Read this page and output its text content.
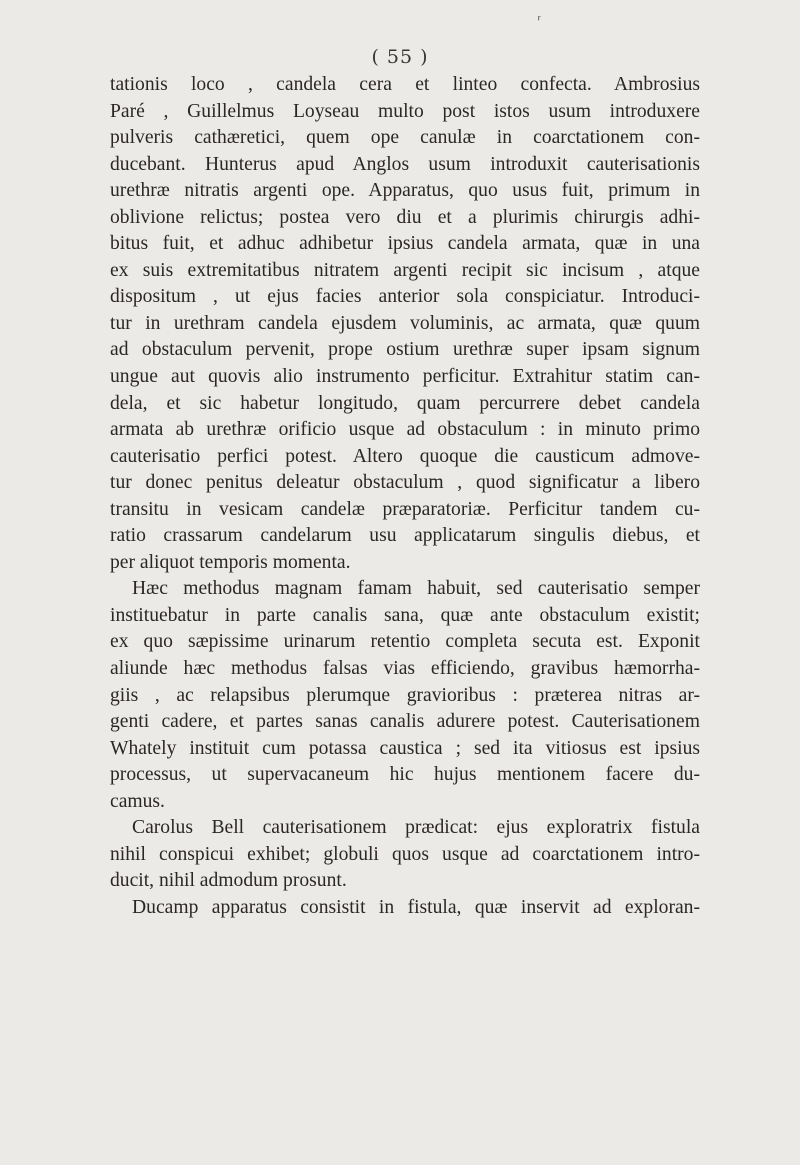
⸢
( 55 )
tationis loco , candela cera et linteo confecta. Ambrosius
Paré , Guillelmus Loyseau multo post istos usum introduxere
pulveris cathæretici, quem ope canulæ in coarctationem con-
ducebant. Hunterus apud Anglos usum introduxit cauterisationis
urethræ nitratis argenti ope. Apparatus, quo usus fuit, primum in
oblivione relictus; postea vero diu et a plurimis chirurgis adhi-
bitus fuit, et adhuc adhibetur ipsius candela armata, quæ in una
ex suis extremitatibus nitratem argenti recipit sic incisum , atque
dispositum , ut ejus facies anterior sola conspiciatur. Introduci-
tur in urethram candela ejusdem voluminis, ac armata, quæ quum
ad obstaculum pervenit, prope ostium urethræ super ipsam signum
ungue aut quovis alio instrumento perficitur. Extrahitur statim can-
dela, et sic habetur longitudo, quam percurrere debet candela
armata ab urethræ orificio usque ad obstaculum : in minuto primo
cauterisatio perfici potest. Altero quoque die causticum admove-
tur donec penitus deleatur obstaculum , quod significatur a libero
transitu in vesicam candelæ præparatoriæ. Perficitur tandem cu-
ratio crassarum candelarum usu applicatarum singulis diebus, et
per aliquot temporis momenta.
Hæc methodus magnam famam habuit, sed cauterisatio semper
instituebatur in parte canalis sana, quæ ante obstaculum existit;
ex quo sæpissime urinarum retentio completa secuta est. Exponit
aliunde hæc methodus falsas vias efficiendo, gravibus hæmorrha-
giis , ac relapsibus plerumque gravioribus : præterea nitras ar-
genti cadere, et partes sanas canalis adurere potest. Cauterisationem
Whately instituit cum potassa caustica ; sed ita vitiosus est ipsius
processus, ut supervacaneum hic hujus mentionem facere du-
camus.
Carolus Bell cauterisationem prædicat: ejus exploratrix fistula
nihil conspicui exhibet; globuli quos usque ad coarctationem intro-
ducit, nihil admodum prosunt.
Ducamp apparatus consistit in fistula, quæ inservit ad exploran-
